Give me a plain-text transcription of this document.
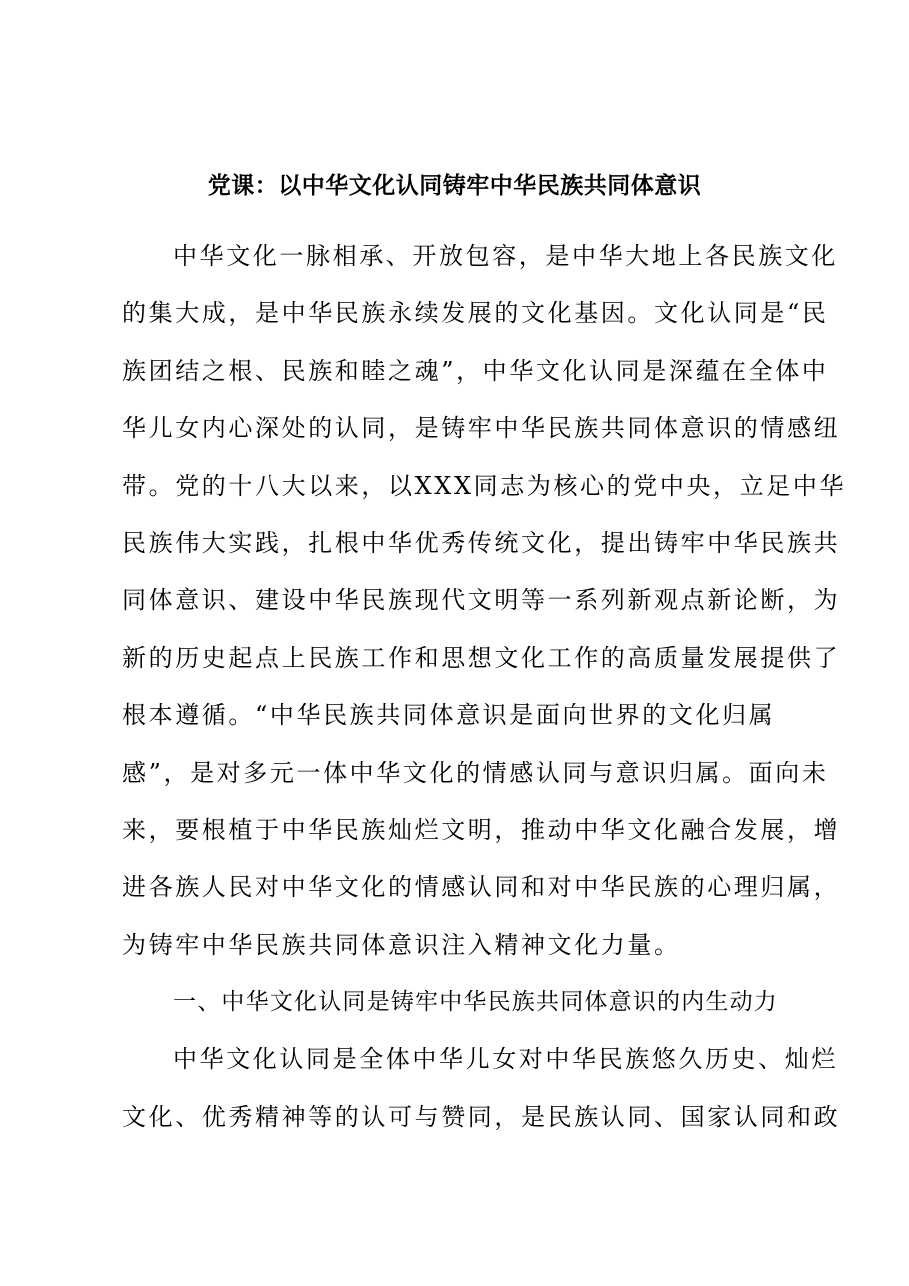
党课：以中华文化认同铸牢中华民族共同体意识
中华文化一脉相承、开放包容，是中华大地上各民族文化
的集大成，是中华民族永续发展的文化基因。文化认同是“民
族团结之根、民族和睦之魂”，中华文化认同是深蕴在全体中
华儿女内心深处的认同，是铸牢中华民族共同体意识的情感纽
带。党的十八大以来，以XXX同志为核心的党中央，立足中华
民族伟大实践，扎根中华优秀传统文化，提出铸牢中华民族共
同体意识、建设中华民族现代文明等一系列新观点新论断，为
新的历史起点上民族工作和思想文化工作的高质量发展提供了
根本遵循。“中华民族共同体意识是面向世界的文化归属
感”，是对多元一体中华文化的情感认同与意识归属。面向未
来，要根植于中华民族灿烂文明，推动中华文化融合发展，增
进各族人民对中华文化的情感认同和对中华民族的心理归属，
为铸牢中华民族共同体意识注入精神文化力量。
一、中华文化认同是铸牢中华民族共同体意识的内生动力
中华文化认同是全体中华儿女对中华民族悠久历史、灿烂
文化、优秀精神等的认可与赞同，是民族认同、国家认同和政
